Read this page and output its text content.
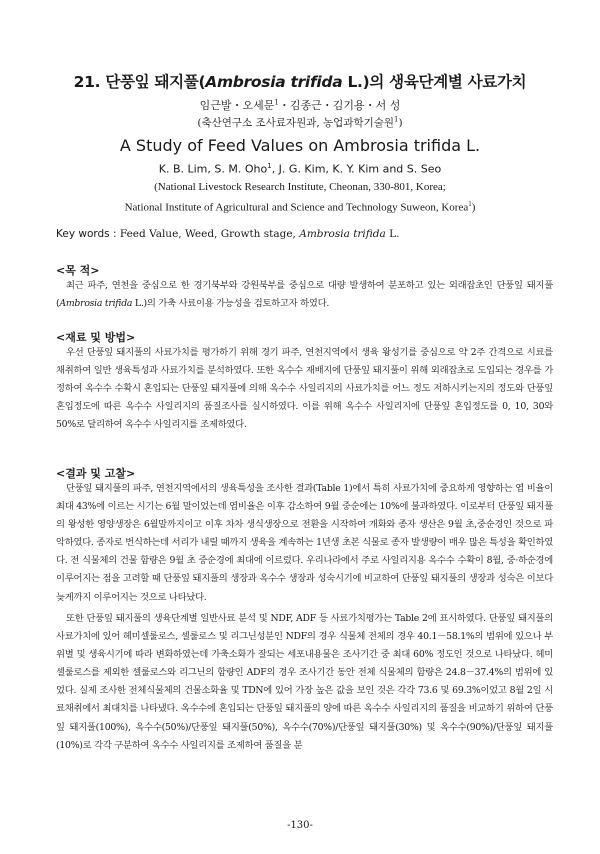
21. 단풍잎 돼지풀(Ambrosia trifida L.)의 생육단계별 사료가치
임근발・오세문$^1$・김종근・김기용・서 성
(축산연구소 조사료자원과, 농업과학기술원$^1$)
A Study of Feed Values on Ambrosia trifida L.
K. B. Lim, S. M. Oho$^1$, J. G. Kim, K. Y. Kim and S. Seo
(National Livestock Research Institute, Cheonan, 330-801, Korea;
National Institute of Agricultural and Science and Technology Suweon, Korea$^1$)
Key words : Feed Value, Weed, Growth stage, Ambrosia trifida L.
<목 적>

최근 파주, 연천을 중심으로 한 경기북부와 강원북부를 중심으로 대량 발생하여 분포하고 있는 외래잡초인 단풍잎 돼지풀(Ambrosia trifida L.)의 가축 사료이용 가능성을 검토하고자 하였다.

<재료 및 방법>

우선 단풍잎 돼지풀의 사료가치를 평가하기 위해 경기 파주, 연천지역에서 생육 왕성기를 중심으로 약 2주 간격으로 시료를 채취하여 일반 생육특성과 사료가치를 분석하였다. 또한 옥수수 재배지에 단풍잎 돼지풀이 위해 외래잡초로 도입되는 경우를 가정하여 옥수수 수확시 혼입되는 단풍잎 돼지풀에 의해 옥수수 사일리지의 사료가치를 어느 정도 저하시키는지의 정도와 단풍잎 혼입정도에 따른 옥수수 사일리지의 품질조사를 실시하였다. 이를 위해 옥수수 사일리지에 단풍잎 혼입정도를 0, 10, 30와 50%로 달리하여 옥수수 사일리지를 조제하였다.

<결과 및 고찰>

단풍잎 돼지풀의 파주, 연천지역에서의 생육특성을 조사한 결과(Table 1)에서 특히 사료가치에 중요하게 영향하는 엽 비율이 최대 43%에 이르는 시기는 6월 말이었는데 엽비율은 이후 감소하여 9월 중순에는 10%에 불과하였다. 이로부터 단풍잎 돼지풀의 왕성한 영양생장은 6월말까지이고 이후 차차 생식생장으로 전환을 시작하여 개화와 종자 생산은 9월 초,중순경인 것으로 파악하였다. 종자로 번식하는데 서리가 내릴 때까지 생육을 계속하는 1년생 초본 식물로 종자 발생량이 매우 많은 특성을 확인하였다. 전 식물체의 건물 함량은 9월 초 중순경에 최대에 이르렀다. 우리나라에서 주로 사일리지용 옥수수 수확이 8월, 중·하순경에 이루어지는 점을 고려할 때 단풍잎 돼지풀의 생장과 옥수수 생장과 성숙시기에 비교하여 단풍잎 돼지풀의 생장과 성숙은 이보다 늦게까지 이루어지는 것으로 나타났다.

또한 단풍잎 돼지풀의 생육단계별 일반사료 분석 및 NDF, ADF 등 사료가치평가는 Table 2에 표시하였다. 단풍잎 돼지풀의 사료가치에 있어 헤미셀룰로스, 셀룰로스 및 리그닌성분인 NDF의 경우 식물체 전체의 경우 40.1－58.1%의 범위에 있으나 부위별 및 생육시기에 따라 변화하였는데 가축소화가 잘되는 세포내용물은 조사기간 중 최대 60% 정도인 것으로 나타났다. 헤미셀룰로스를 제외한 셀룰로스와 리그닌의 함량인 ADF의 경우 조사기간 동안 전체 식물체의 함량은 24.8－37.4%의 범위에 있었다. 실제 조사한 전체식물체의 건물소화율 및 TDN에 있어 가장 높은 값을 보인 것은 각각 73.6 및 69.3%이었고 8월 2일 시료채취에서 최대치를 나타냈다. 옥수수에 혼입되는 단풍잎 돼지풀의 양에 따른 옥수수 사일리지의 품질을 비교하기 위하여 단풍잎 돼지풀(100%), 옥수수(50%)/단풍잎 돼지풀(50%), 옥수수(70%)/단풍잎 돼지풀(30%) 및 옥수수(90%)/단풍잎 돼지풀(10%)로 각각 구분하여 옥수수 사일리지를 조제하여 품질을 분

-130-
